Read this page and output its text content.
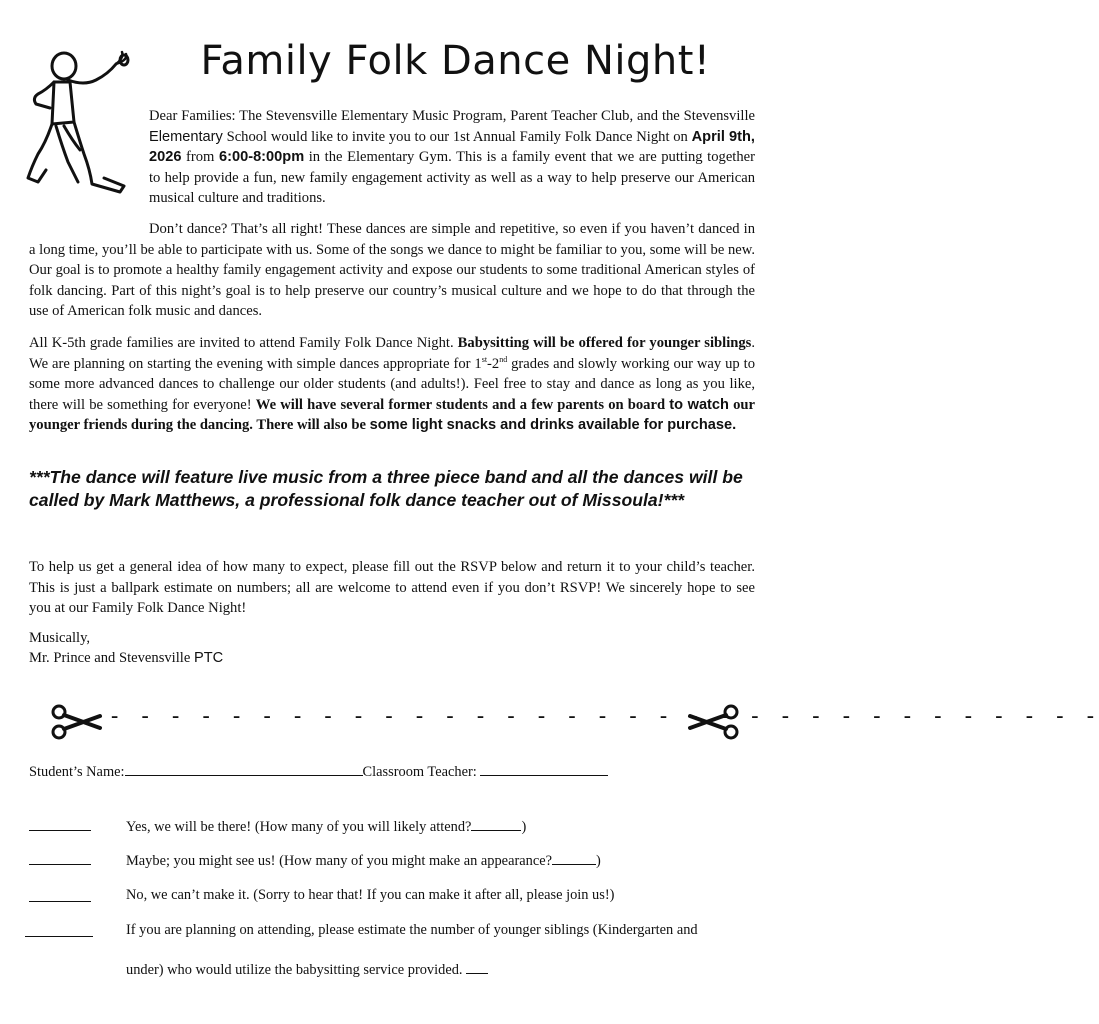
Family Folk Dance Night!

Dear Families: The Stevensville Elementary Music Program, Parent Teacher Club, and the Stevensville Elementary School would like to invite you to our 1st Annual Family Folk Dance Night on April 9th, 2026 from 6:00-8:00pm in the Elementary Gym. This is a family event that we are putting together to help provide a fun, new family engagement activity as well as a way to help preserve our American musical culture and traditions.

Don’t dance? That’s all right! These dances are simple and repetitive, so even if you haven’t danced in a long time, you’ll be able to participate with us. Some of the songs we dance to might be familiar to you, some will be new. Our goal is to promote a healthy family engagement activity and expose our students to some traditional American styles of folk dancing. Part of this night’s goal is to help preserve our country’s musical culture and we hope to do that through the use of American folk music and dances.

All K-5th grade families are invited to attend Family Folk Dance Night. Babysitting will be offered for younger siblings. We are planning on starting the evening with simple dances appropriate for 1st-2nd grades and slowly working our way up to some more advanced dances to challenge our older students (and adults!). Feel free to stay and dance as long as you like, there will be something for everyone! We will have several former students and a few parents on board to watch our younger friends during the dancing. There will also be some light snacks and drinks available for purchase.

***The dance will feature live music from a three piece band and all the dances will be called by Mark Matthews, a professional folk dance teacher out of Missoula!***

To help us get a general idea of how many to expect, please fill out the RSVP below and return it to your child’s teacher. This is just a ballpark estimate on numbers; all are welcome to attend even if you don’t RSVP! We sincerely hope to see you at our Family Folk Dance Night!

Musically,

Mr. Prince and Stevensville PTC

- - - - - - - - - - - - - - - - - - - - - - - - - - - - - - - - -
Student’s Name:	Classroom Teacher:
Yes, we will be there! (How many of you will likely attend?	)
Maybe; you might see us! (How many of you might make an appearance?	)
No, we can’t make it. (Sorry to hear that! If you can make it after all, please join us!)
If you are planning on attending, please estimate the number of younger siblings (Kindergarten and
under) who would utilize the babysitting service provided.
